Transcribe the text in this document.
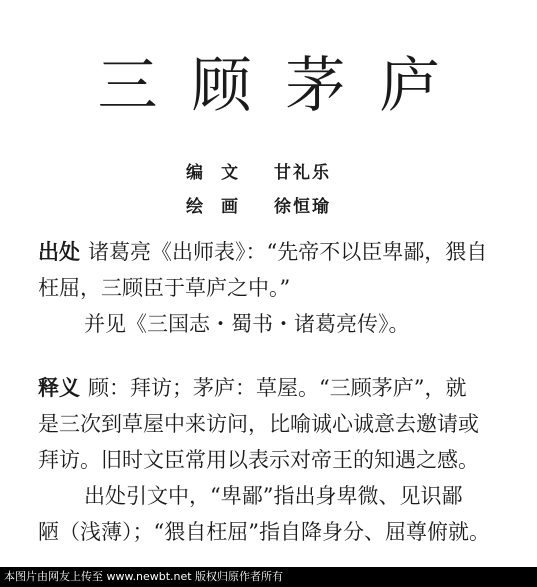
三顾茅庐
编文 甘礼乐
绘画 徐恒瑜
出处 诸葛亮《出师表》：“先帝不以臣卑鄙，猥自
枉屈，三顾臣于草庐之中。”
并见《三国志・蜀书・诸葛亮传》。
释义 顾：拜访；茅庐：草屋。“三顾茅庐”，就
是三次到草屋中来访问，比喻诚心诚意去邀请或
拜访。旧时文臣常用以表示对帝王的知遇之感。
出处引文中，“卑鄙”指出身卑微、见识鄙
陋（浅薄）；“猥自枉屈”指自降身分、屈尊俯就。
本图片由网友上传至 www.newbt.net 版权归原作者所有
